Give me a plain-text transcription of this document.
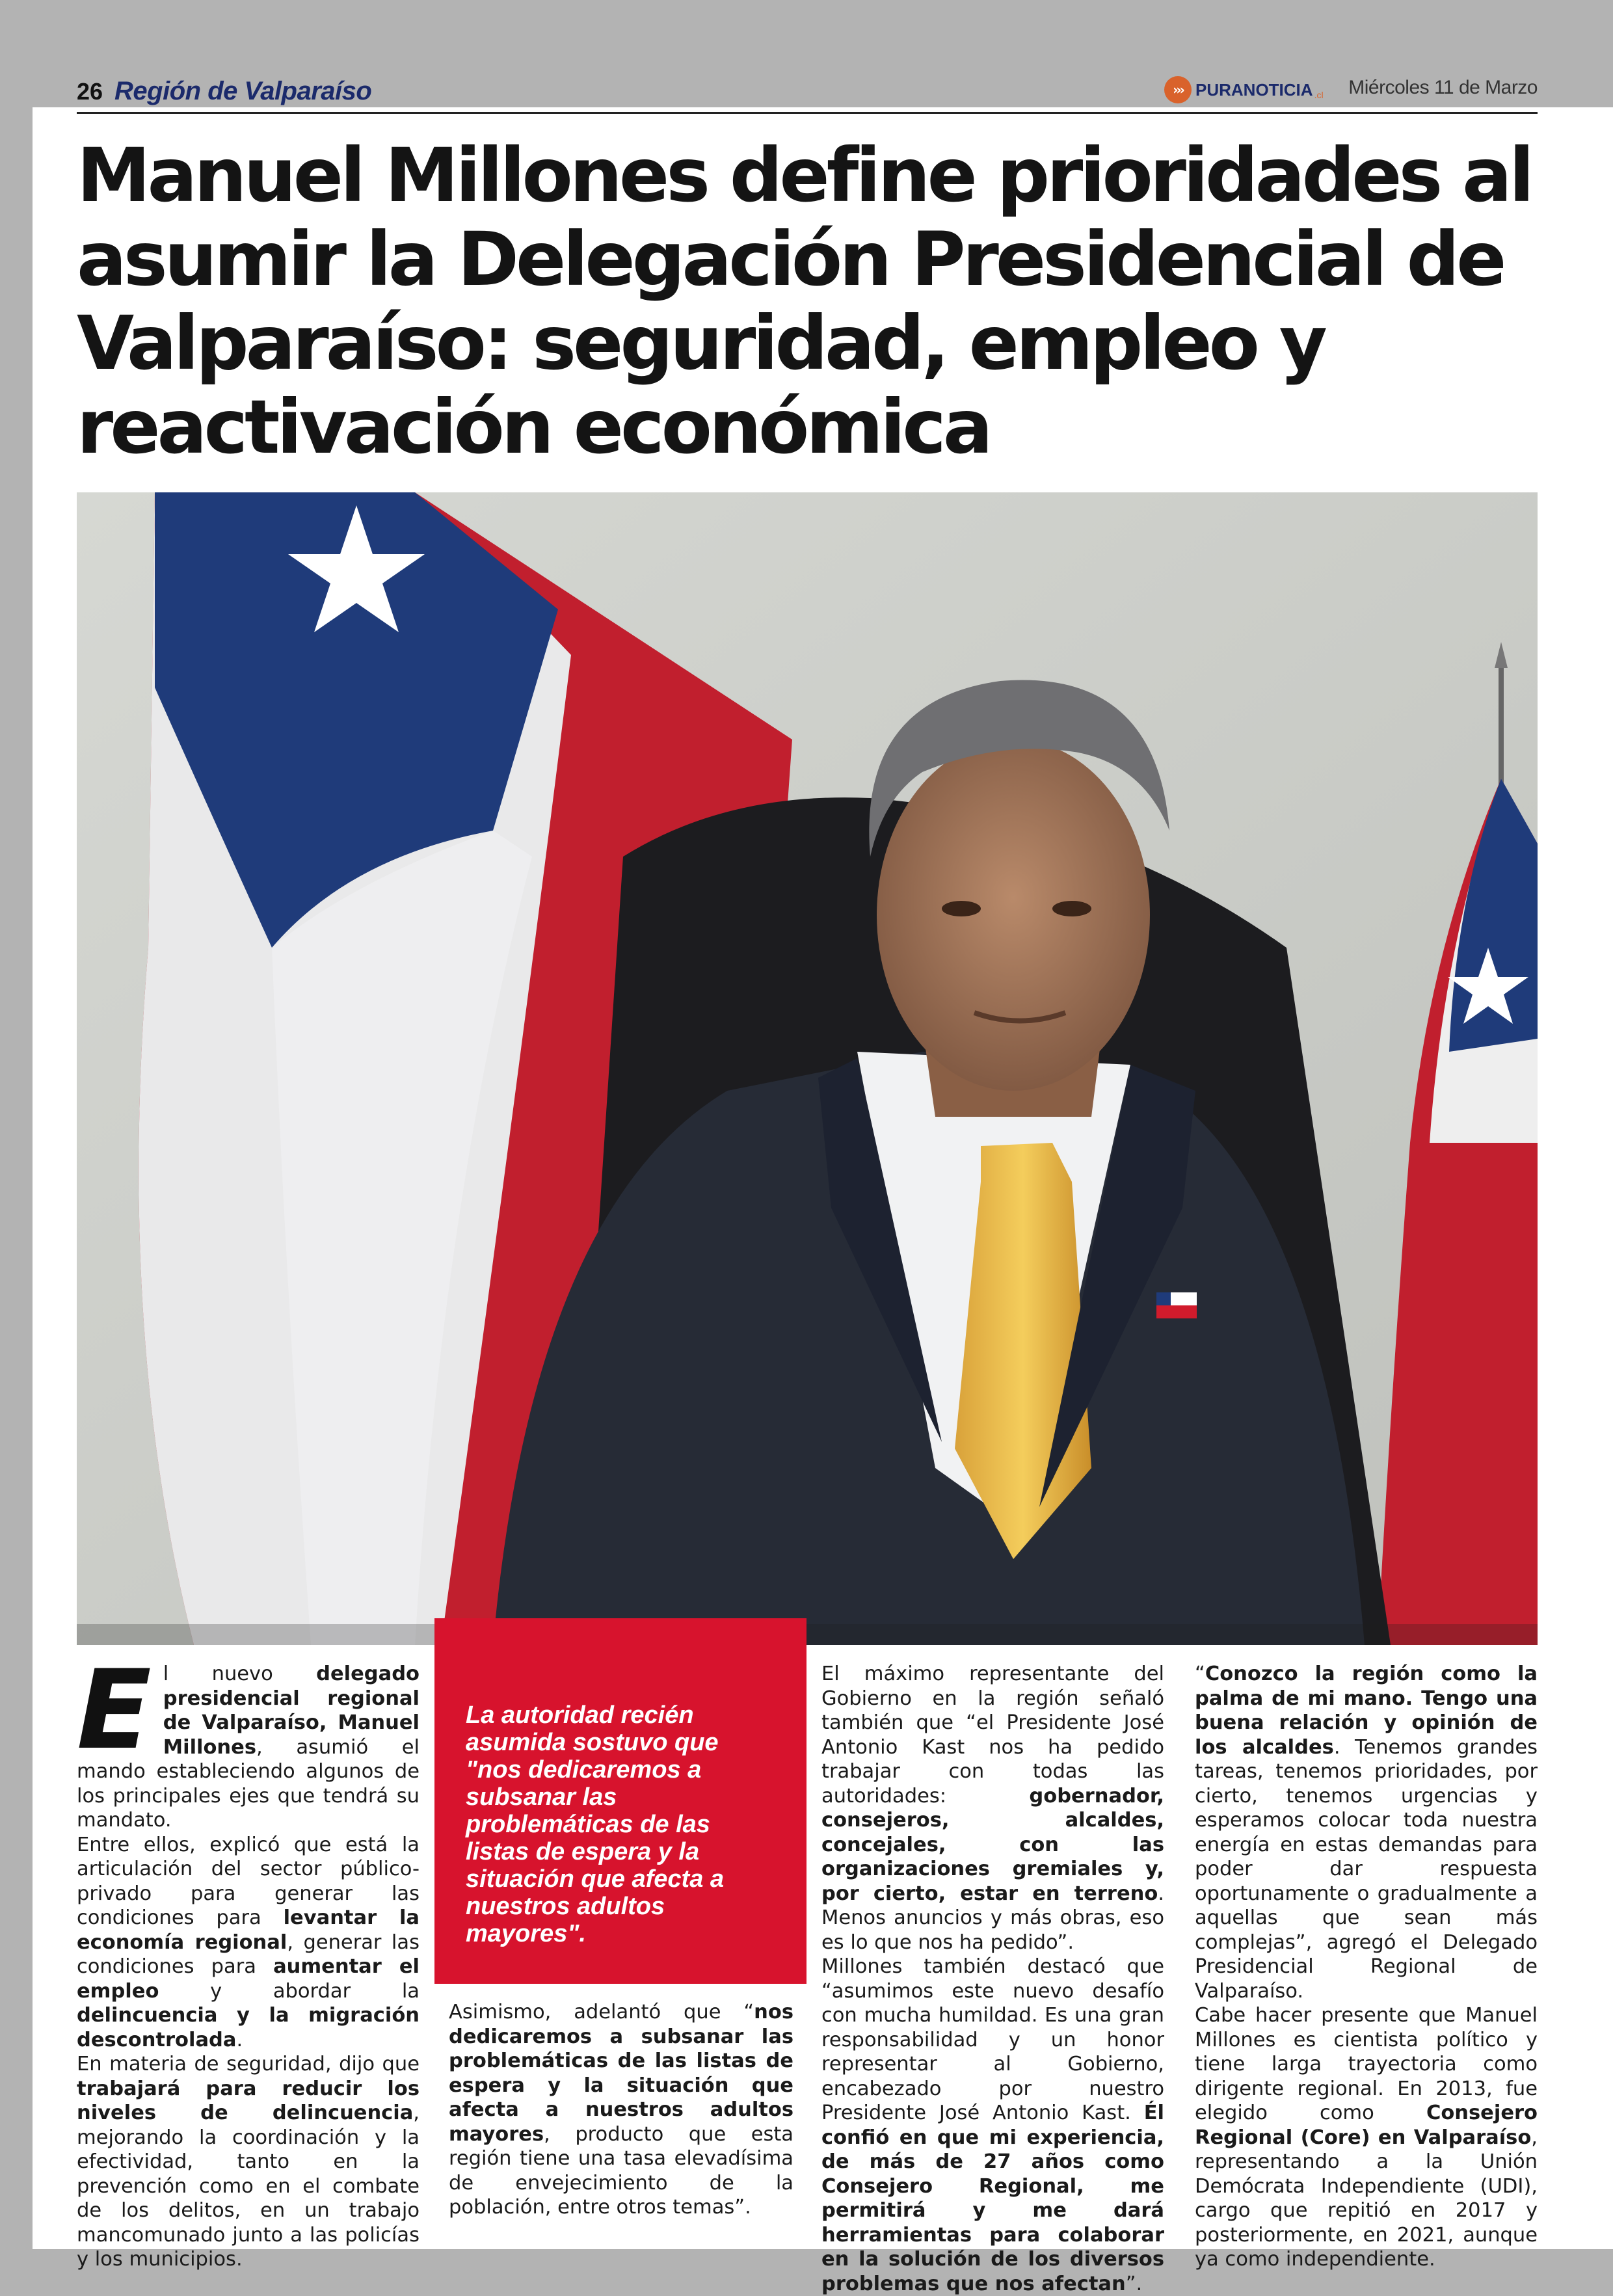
26 Región de Valparaíso	››› PURANOTICIA .cl Miércoles 11 de Marzo
Manuel Millones define prioridades al asumir la Delegación Presidencial de Valparaíso: seguridad, empleo y reactivación económica
E l nuevo delegado presidencial regional de Valparaíso, Manuel Millones, asumió el mando estableciendo algunos de los principales ejes que tendrá su mandato.

Entre ellos, explicó que está la articulación del sector público-privado para generar las condiciones para levantar la economía regional, generar las condiciones para aumentar el empleo y abordar la delincuencia y la migración descontrolada.

En materia de seguridad, dijo que trabajará para reducir los niveles de delincuencia, mejorando la coordinación y la efectividad, tanto en la prevención como en el combate de los delitos, en un trabajo mancomunado junto a las policías y los municipios.

La autoridad recién asumida sostuvo que "nos dedicaremos a subsanar las problemáticas de las listas de espera y la situación que afecta a nuestros adultos mayores".

Asimismo, adelantó que “nos dedicaremos a subsanar las problemáticas de las listas de espera y la situación que afecta a nuestros adultos mayores, producto que esta región tiene una tasa elevadísima de envejecimiento de la población, entre otros temas”.

El máximo representante del Gobierno en la región señaló también que “el Presidente José Antonio Kast nos ha pedido trabajar con todas las autoridades: gobernador, consejeros, alcaldes, concejales, con las organizaciones gremiales y, por cierto, estar en terreno. Menos anuncios y más obras, eso es lo que nos ha pedido”.

Millones también destacó que “asumimos este nuevo desafío con mucha humildad. Es una gran responsabilidad y un honor representar al Gobierno, encabezado por nuestro Presidente José Antonio Kast. Él confió en que mi experiencia, de más de 27 años como Consejero Regional, me permitirá y me dará herramientas para colaborar en la solución de los diversos problemas que nos afectan”.

“Conozco la región como la palma de mi mano. Tengo una buena relación y opinión de los alcaldes. Tenemos grandes tareas, tenemos prioridades, por cierto, tenemos urgencias y esperamos colocar toda nuestra energía en estas demandas para poder dar respuesta oportunamente o gradualmente a aquellas que sean más complejas”, agregó el Delegado Presidencial Regional de Valparaíso.

Cabe hacer presente que Manuel Millones es cientista político y tiene larga trayectoria como dirigente regional. En 2013, fue elegido como Consejero Regional (Core) en Valparaíso, representando a la Unión Demócrata Independiente (UDI), cargo que repitió en 2017 y posteriormente, en 2021, aunque ya como independiente.
